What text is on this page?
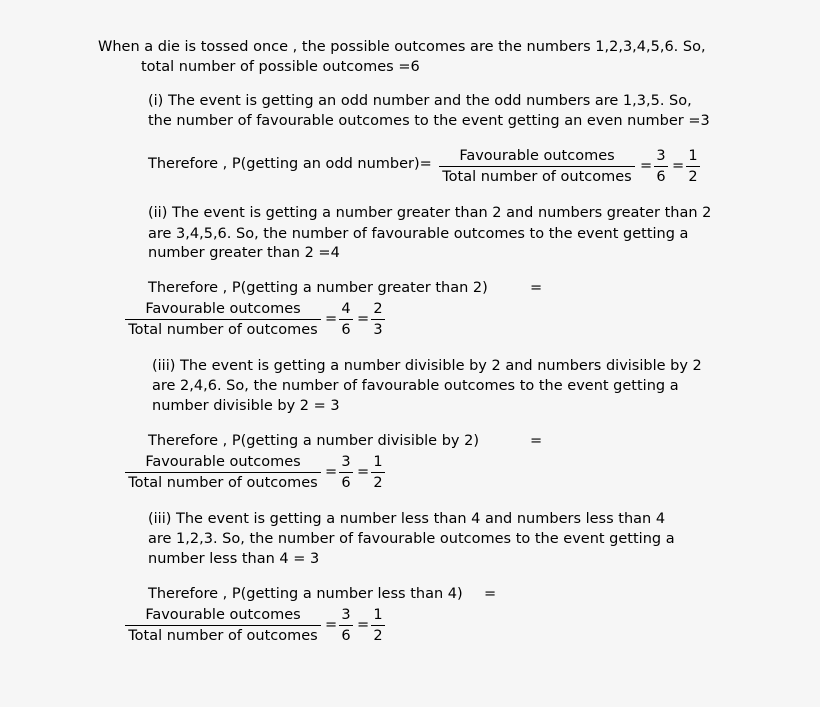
When a die is tossed once , the possible outcomes are the numbers 1,2,3,4,5,6. So,
total number of possible outcomes =6
(i) The event is getting an odd number and the odd numbers are 1,3,5. So,
the number of favourable outcomes to the event getting an even number =3
Therefore , P(getting an odd number)=	Favourable outcomes
Total number of outcomes
= $\frac{3}{6} = \frac{1}{2}$
(ii) The event is getting a number greater than 2 and numbers greater than 2
are 3,4,5,6. So, the number of favourable outcomes to the event getting a
number greater than 2 =4
Therefore , P(getting a number greater than 2)	=
Favourable outcomes
Total number of outcomes
= $\frac{4}{6} = \frac{2}{3}$
(iii) The event is getting a number divisible by 2 and numbers divisible by 2
are 2,4,6. So, the number of favourable outcomes to the event getting a
number divisible by 2 = 3
Therefore , P(getting a number divisible by 2)	=
Favourable outcomes
Total number of outcomes
= $\frac{3}{6} = \frac{1}{2}$
(iii) The event is getting a number less than 4 and numbers less than 4
are 1,2,3. So, the number of favourable outcomes to the event getting a
number less than 4 = 3
Therefore , P(getting a number less than 4) =
Favourable outcomes
Total number of outcomes
= $\frac{3}{6} = \frac{1}{2}$
